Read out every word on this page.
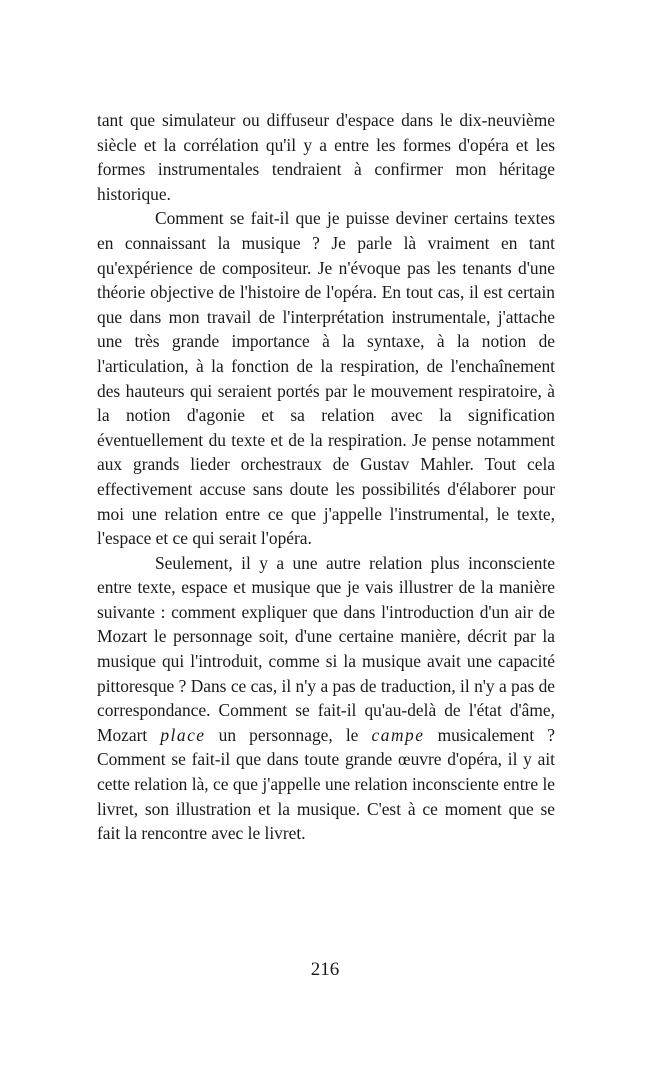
tant que simulateur ou diffuseur d'espace dans le dix-neuvième siècle et la corrélation qu'il y a entre les formes d'opéra et les formes instrumentales tendraient à confirmer mon héritage historique.

Comment se fait-il que je puisse deviner certains textes en connaissant la musique ? Je parle là vraiment en tant qu'expérience de compositeur. Je n'évoque pas les tenants d'une théorie objective de l'histoire de l'opéra. En tout cas, il est certain que dans mon travail de l'interprétation instrumentale, j'attache une très grande importance à la syntaxe, à la notion de l'articulation, à la fonction de la respiration, de l'enchaînement des hauteurs qui seraient portés par le mouvement respiratoire, à la notion d'agonie et sa relation avec la signification éventuellement du texte et de la respiration. Je pense notamment aux grands lieder orchestraux de Gustav Mahler. Tout cela effectivement accuse sans doute les possibilités d'élaborer pour moi une relation entre ce que j'appelle l'instrumental, le texte, l'espace et ce qui serait l'opéra.

Seulement, il y a une autre relation plus inconsciente entre texte, espace et musique que je vais illustrer de la manière suivante : comment expliquer que dans l'introduction d'un air de Mozart le personnage soit, d'une certaine manière, décrit par la musique qui l'introduit, comme si la musique avait une capacité pittoresque ? Dans ce cas, il n'y a pas de traduction, il n'y a pas de correspondance. Comment se fait-il qu'au-delà de l'état d'âme, Mozart place un personnage, le campe musicalement ? Comment se fait-il que dans toute grande œuvre d'opéra, il y ait cette relation là, ce que j'appelle une relation inconsciente entre le livret, son illustration et la musique. C'est à ce moment que se fait la rencontre avec le livret.

216
